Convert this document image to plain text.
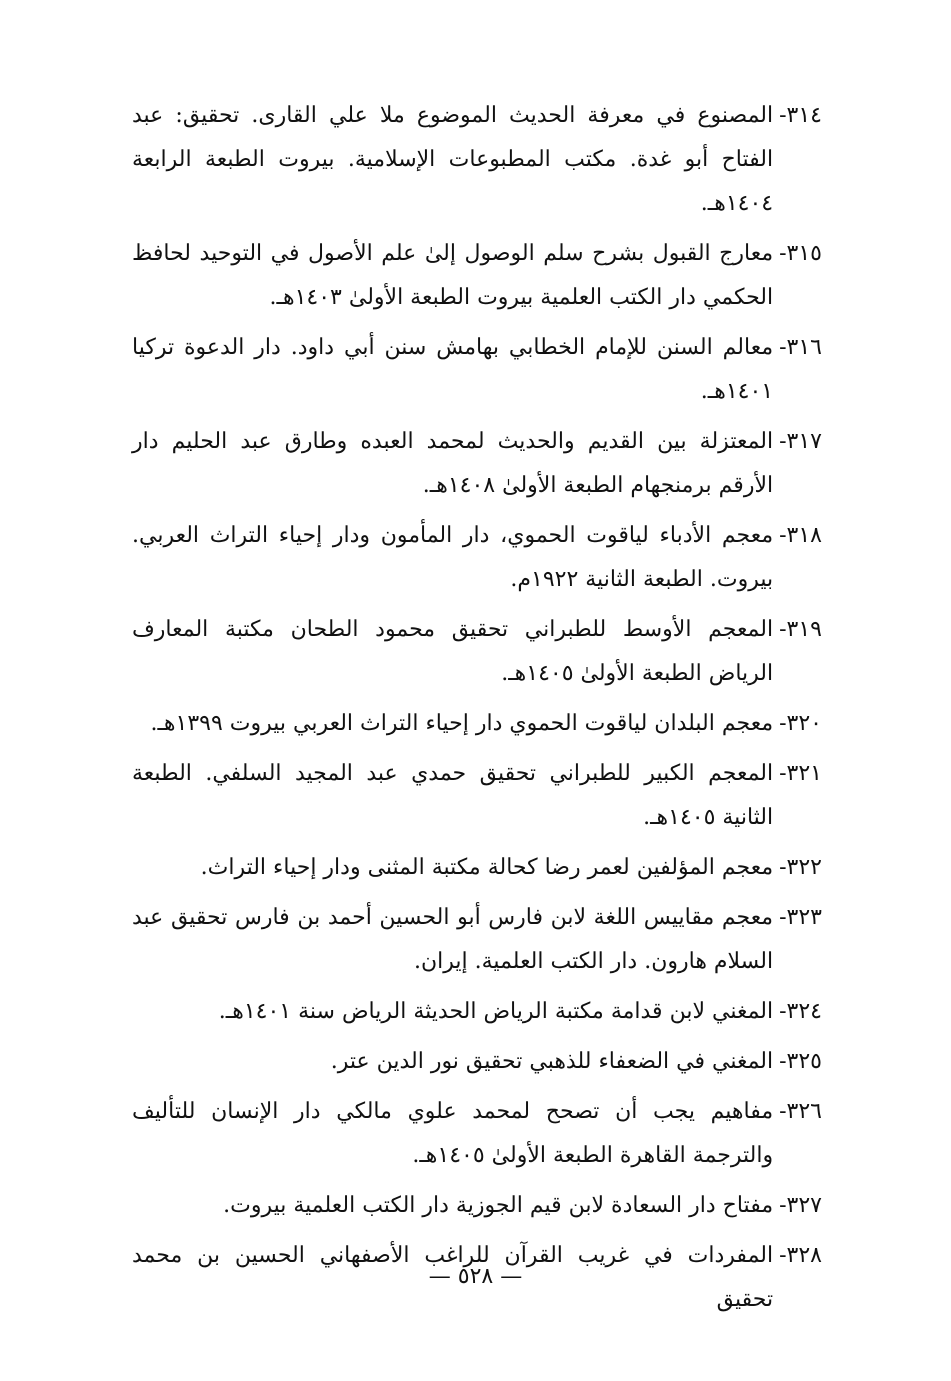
٣١٤-
المصنوع في معرفة الحديث الموضوع ملا علي القارى. تحقيق: عبد الفتاح أبو غدة. مكتب المطبوعات الإسلامية. بيروت الطبعة الرابعة ١٤٠٤هـ.
٣١٥-
معارج القبول بشرح سلم الوصول إلىٰ علم الأصول في التوحيد لحافظ الحكمي دار الكتب العلمية بيروت الطبعة الأولىٰ ١٤٠٣هـ.
٣١٦-
معالم السنن للإمام الخطابي بهامش سنن أبي داود. دار الدعوة تركيا ١٤٠١هـ.
٣١٧-
المعتزلة بين القديم والحديث لمحمد العبده وطارق عبد الحليم دار الأرقم برمنجهام الطبعة الأولىٰ ١٤٠٨هـ.
٣١٨-
معجم الأدباء لياقوت الحموي، دار المأمون ودار إحياء التراث العربي. بيروت. الطبعة الثانية ١٩٢٢م.
٣١٩-
المعجم الأوسط للطبراني تحقيق محمود الطحان مكتبة المعارف الرياض الطبعة الأولىٰ ١٤٠٥هـ.
٣٢٠-
معجم البلدان لياقوت الحموي دار إحياء التراث العربي بيروت ١٣٩٩هـ.
٣٢١-
المعجم الكبير للطبراني تحقيق حمدي عبد المجيد السلفي. الطبعة الثانية ١٤٠٥هـ.
٣٢٢-
معجم المؤلفين لعمر رضا كحالة مكتبة المثنى ودار إحياء التراث.
٣٢٣-
معجم مقاييس اللغة لابن فارس أبو الحسين أحمد بن فارس تحقيق عبد السلام هارون. دار الكتب العلمية. إيران.
٣٢٤-
المغني لابن قدامة مكتبة الرياض الحديثة الرياض سنة ١٤٠١هـ.
٣٢٥-
المغني في الضعفاء للذهبي تحقيق نور الدين عتر.
٣٢٦-
مفاهيم يجب أن تصحح لمحمد علوي مالكي دار الإنسان للتأليف والترجمة القاهرة الطبعة الأولىٰ ١٤٠٥هـ.
٣٢٧-
مفتاح دار السعادة لابن قيم الجوزية دار الكتب العلمية بيروت.
٣٢٨-
المفردات في غريب القرآن للراغب الأصفهاني الحسين بن محمد تحقيق
— ٥٢٨ —
